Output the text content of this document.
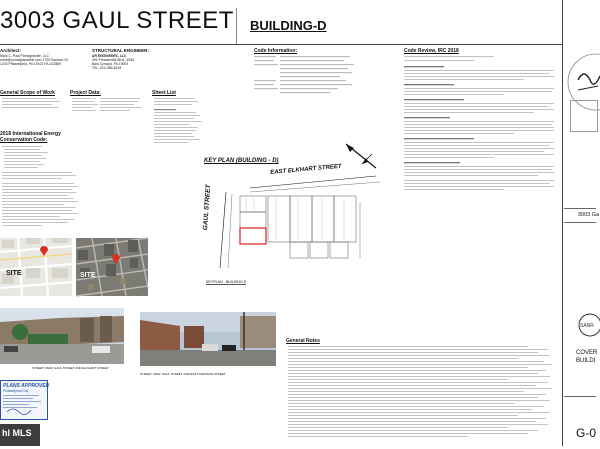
3003 GAUL STREET BUILDING-D
Architect:
Marc C. Paul Pomegranate, LLC
mark@pomegranatellc.com 1700 Sansom St.
1200 Philadelphia, PA 19103 PA-012889
STRUCTURAL ENGINEER:
AR ENGINEERS, LLC
391 Presidential Blvd., #616
Bala Cynwyd, PA 19004
TEL: 610-368-8234
Code Information:	Code Review, IRC 2018
General Scope of Work	Project Data:	Sheet List
2018 International Energy
Conservation Code:
KEY PLAN (BUILDING - D)
EAST ELKHART STREET
GAUL STREET
KEYPLAN - BUILDING D
SITE	SITE
STREET VIEW: GAUL STREET AND ELKHART STREET
STREET VIEW: GAUL STREET AND EAST MADISON STREET
General Notes
PLANS APPROVED
Philadelphia City
hl MLS
3003 Ga
SANR
COVER
BUILDI
G-0
